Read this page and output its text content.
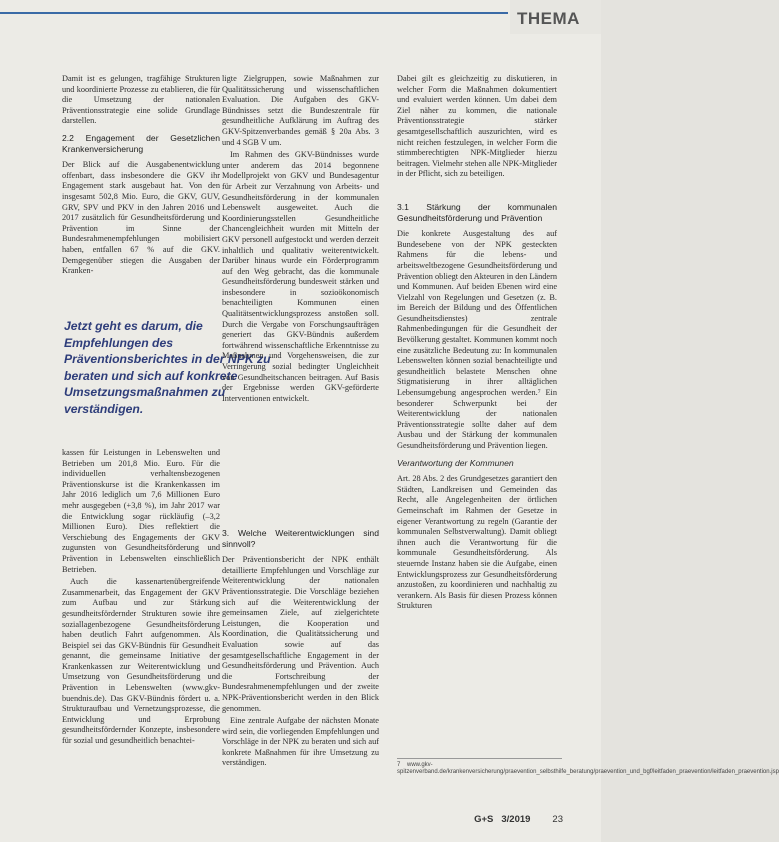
THEMA

Damit ist es gelungen, tragfähige Strukturen und koordinierte Prozesse zu etablieren, die für die Umsetzung der nationalen Präventionsstrategie eine solide Grundlage darstellen.

2.2 Engagement der Gesetzlichen Krankenversicherung

Der Blick auf die Ausgabenentwicklung offenbart, dass insbesondere die GKV ihr Engagement stark ausgebaut hat. Von den insgesamt 502,8 Mio. Euro, die GKV, GUV, GRV, SPV und PKV in den Jahren 2016 und 2017 zusätzlich für Gesundheitsförderung und Prävention im Sinne der Bundesrahmenempfehlungen mobilisiert haben, entfallen 67 % auf die GKV. Demgegenüber stiegen die Ausgaben der Kranken-

Jetzt geht es darum, die Empfehlungen des Präventionsberichtes in der NPK zu beraten und sich auf konkrete Umsetzungsmaßnahmen zu verständigen.

kassen für Leistungen in Lebenswelten und Betrieben um 201,8 Mio. Euro. Für die individuellen verhaltensbezogenen Präventionskurse ist die Krankenkassen im Jahr 2016 lediglich um 7,6 Millionen Euro mehr ausgegeben (+3,8 %), im Jahr 2017 war die Entwicklung sogar rückläufig (–3,2 Millionen Euro). Dies reflektiert die Verschiebung des Engagements der GKV zugunsten von Gesundheitsförderung und Prävention in Lebenswelten einschließlich Betrieben.

Auch die kassenartenübergreifende Zusammenarbeit, das Engagement der GKV zum Aufbau und zur Stärkung gesundheitsfördernder Strukturen sowie ihre soziallagenbezogene Gesundheitsförderung haben deutlich Fahrt aufgenommen. Als Beispiel sei das GKV-Bündnis für Gesundheit genannt, die gemeinsame Initiative der Krankenkassen zur Weiterentwicklung und Umsetzung von Gesundheitsförderung und Prävention in Lebenswelten (www.gkv-buendnis.de). Das GKV-Bündnis fördert u. a. Strukturaufbau und Vernetzungsprozesse, die Entwicklung und Erprobung gesundheitsfördernder Konzepte, insbesondere für sozial und gesundheitlich benachtei-

ligte Zielgruppen, sowie Maßnahmen zur Qualitätssicherung und wissenschaftlichen Evaluation. Die Aufgaben des GKV-Bündnisses setzt die Bundeszentrale für gesundheitliche Aufklärung im Auftrag des GKV-Spitzenverbandes gemäß § 20a Abs. 3 und 4 SGB V um.

Im Rahmen des GKV-Bündnisses wurde unter anderem das 2014 begonnene Modellprojekt von GKV und Bundesagentur für Arbeit zur Verzahnung von Arbeits- und Gesundheitsförderung in der kommunalen Lebenswelt ausgeweitet. Auch die Koordinierungsstellen Gesundheitliche Chancengleichheit wurden mit Mitteln der GKV personell aufgestockt und werden derzeit inhaltlich und qualitativ weiterentwickelt. Darüber hinaus wurde ein Förderprogramm auf den Weg gebracht, das die kommunale Gesundheitsförderung bundesweit stärken und insbesondere in sozioökonomisch benachteiligten Kommunen einen Qualitätsentwicklungsprozess anstoßen soll. Durch die Vergabe von Forschungsaufträgen generiert das GKV-Bündnis außerdem fortwährend wissenschaftliche Erkenntnisse zu Maßnahmen und Vorgehensweisen, die zur Verringerung sozial bedingter Ungleichheit von Gesundheitschancen beitragen. Auf Basis der Ergebnisse werden GKV-geförderte Interventionen entwickelt.

3. Welche Weiterentwicklungen sind sinnvoll?

Der Präventionsbericht der NPK enthält detaillierte Empfehlungen und Vorschläge zur Weiterentwicklung der nationalen Präventionsstrategie. Die Vorschläge beziehen sich auf die Weiterentwicklung der gemeinsamen Ziele, auf zielgerichtete Leistungen, die Kooperation und Koordination, die Qualitätssicherung und Evaluation sowie auf das gesamtgesellschaftliche Engagement in der Gesundheitsförderung und Prävention. Auch die Fortschreibung der Bundesrahmenempfehlungen und der zweite NPK-Präventionsbericht werden in den Blick genommen.

Eine zentrale Aufgabe der nächsten Monate wird sein, die vorliegenden Empfehlungen und Vorschläge in der NPK zu beraten und sich auf konkrete Maßnahmen für ihre Umsetzung zu verständigen.

Dabei gilt es gleichzeitig zu diskutieren, in welcher Form die Maßnahmen dokumentiert und evaluiert werden können. Um dabei dem Ziel näher zu kommen, die nationale Präventionsstrategie stärker gesamtgesellschaftlich auszurichten, wird es nicht reichen festzulegen, in welcher Form die stimmberechtigten NPK-Mitglieder hierzu beitragen. Vielmehr stehen alle NPK-Mitglieder in der Pflicht, sich zu beteiligen.

3.1 Stärkung der kommunalen Gesundheitsförderung und Prävention

Die konkrete Ausgestaltung des auf Bundesebene von der NPK gesteckten Rahmens für die lebens- und arbeitsweltbezogene Gesundheitsförderung und Prävention obliegt den Akteuren in den Ländern und Kommunen. Auf beiden Ebenen wird eine Vielzahl von Regelungen und Gesetzen (z. B. im Bereich der Bildung und des Öffentlichen Gesundheitsdienstes) zentrale Rahmenbedingungen für die Gesundheit der Bevölkerung gestaltet. Kommunen kommt noch eine zusätzliche Bedeutung zu: In kommunalen Lebenswelten können sozial benachteiligte und gesundheitlich belastete Menschen ohne Stigmatisierung in ihrer alltäglichen Lebensumgebung angesprochen werden.⁷ Ein besonderer Schwerpunkt bei der Weiterentwicklung der nationalen Präventionsstrategie sollte daher auf dem Ausbau und der Stärkung der kommunalen Gesundheitsförderung und Prävention liegen.

Verantwortung der Kommunen

Art. 28 Abs. 2 des Grundgesetzes garantiert den Städten, Landkreisen und Gemeinden das Recht, alle Angelegenheiten der örtlichen Gemeinschaft im Rahmen der Gesetze in eigener Verantwortung zu regeln (Garantie der kommunalen Selbstverwaltung). Damit obliegt ihnen auch die Verantwortung für die kommunale Gesundheitsförderung. Als steuernde Instanz haben sie die Aufgabe, einen Entwicklungsprozess zur Gesundheitsförderung anzustoßen, zu koordinieren und nachhaltig zu verankern. Als Basis für diesen Prozess können Strukturen

7 www.gkv-spitzenverband.de/krankenversicherung/praevention_selbsthilfe_beratung/praevention_und_bgf/leitfaden_praevention/leitfaden_praevention.jsp
G+S 3/2019 23
